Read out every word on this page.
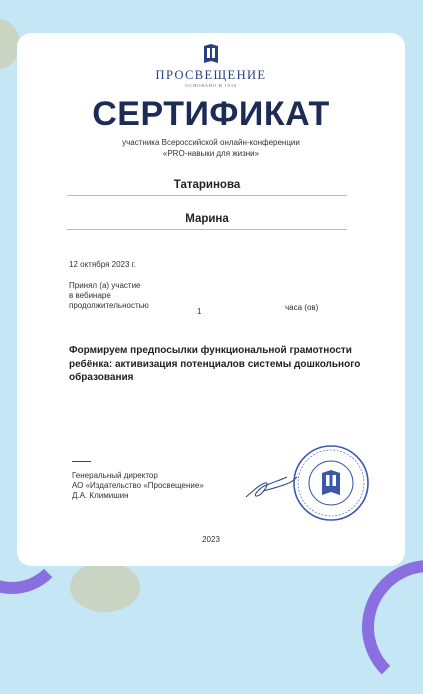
ПРОСВЕЩЕНИЕ
ОСНОВАНО В 1930
СЕРТИФИКАТ
участника Всероссийской онлайн-конференции
«PRO-навыки для жизни»
Татаринова
Марина
12 октября 2023 г.
Принял (а) участие
в вебинаре
продолжительностью
1	часа (ов)
Формируем предпосылки функциональной грамотности ребёнка: активизация потенциалов системы дошкольного образования
Генеральный директор
АО «Издательство «Просвещение»
Д.А. Климишин
2023
